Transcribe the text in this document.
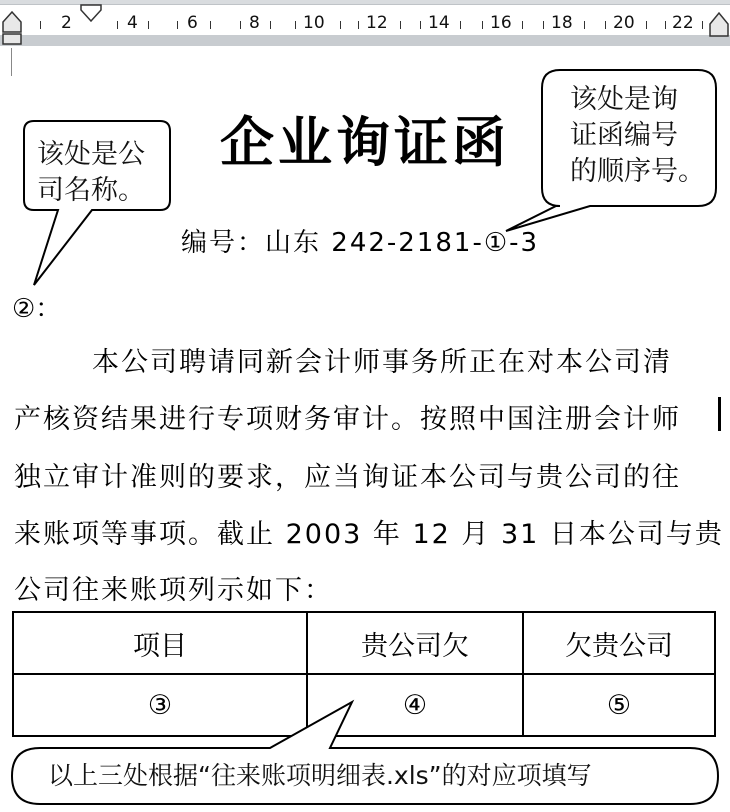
2	4	6	8	10 12 14 16 18 20 22
企业询证函
编号：山东 242-2181-①-3
②：
本公司聘请同新会计师事务所正在对本公司清
产核资结果进行专项财务审计。按照中国注册会计师
独立审计准则的要求，应当询证本公司与贵公司的往
来账项等事项。截止 2003 年 12 月 31 日本公司与贵
公司往来账项列示如下：
项目	贵公司欠	欠贵公司
③	④	⑤
该处是公
司名称。
该处是询
证函编号
的顺序号。
以上三处根据“往来账项明细表.xls”的对应项填写
